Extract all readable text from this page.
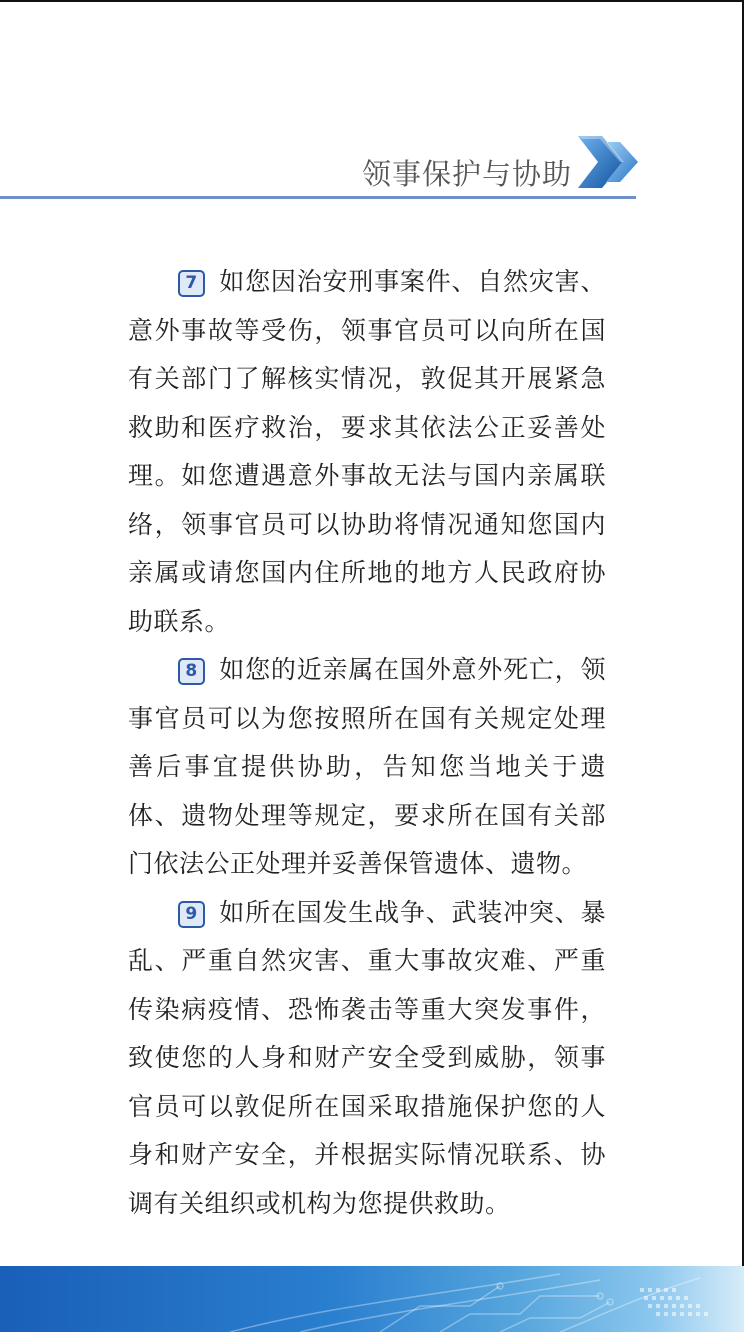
领事保护与协助

7 如您因治安刑事案件、自然灾害、意外事故等受伤，领事官员可以向所在国有关部门了解核实情况，敦促其开展紧急救助和医疗救治，要求其依法公正妥善处理。如您遭遇意外事故无法与国内亲属联络，领事官员可以协助将情况通知您国内亲属或请您国内住所地的地方人民政府协助联系。

8 如您的近亲属在国外意外死亡，领事官员可以为您按照所在国有关规定处理善后事宜提供协助，告知您当地关于遗体、遗物处理等规定，要求所在国有关部门依法公正处理并妥善保管遗体、遗物。

9 如所在国发生战争、武装冲突、暴乱、严重自然灾害、重大事故灾难、严重传染病疫情、恐怖袭击等重大突发事件，致使您的人身和财产安全受到威胁，领事官员可以敦促所在国采取措施保护您的人身和财产安全，并根据实际情况联系、协调有关组织或机构为您提供救助。
